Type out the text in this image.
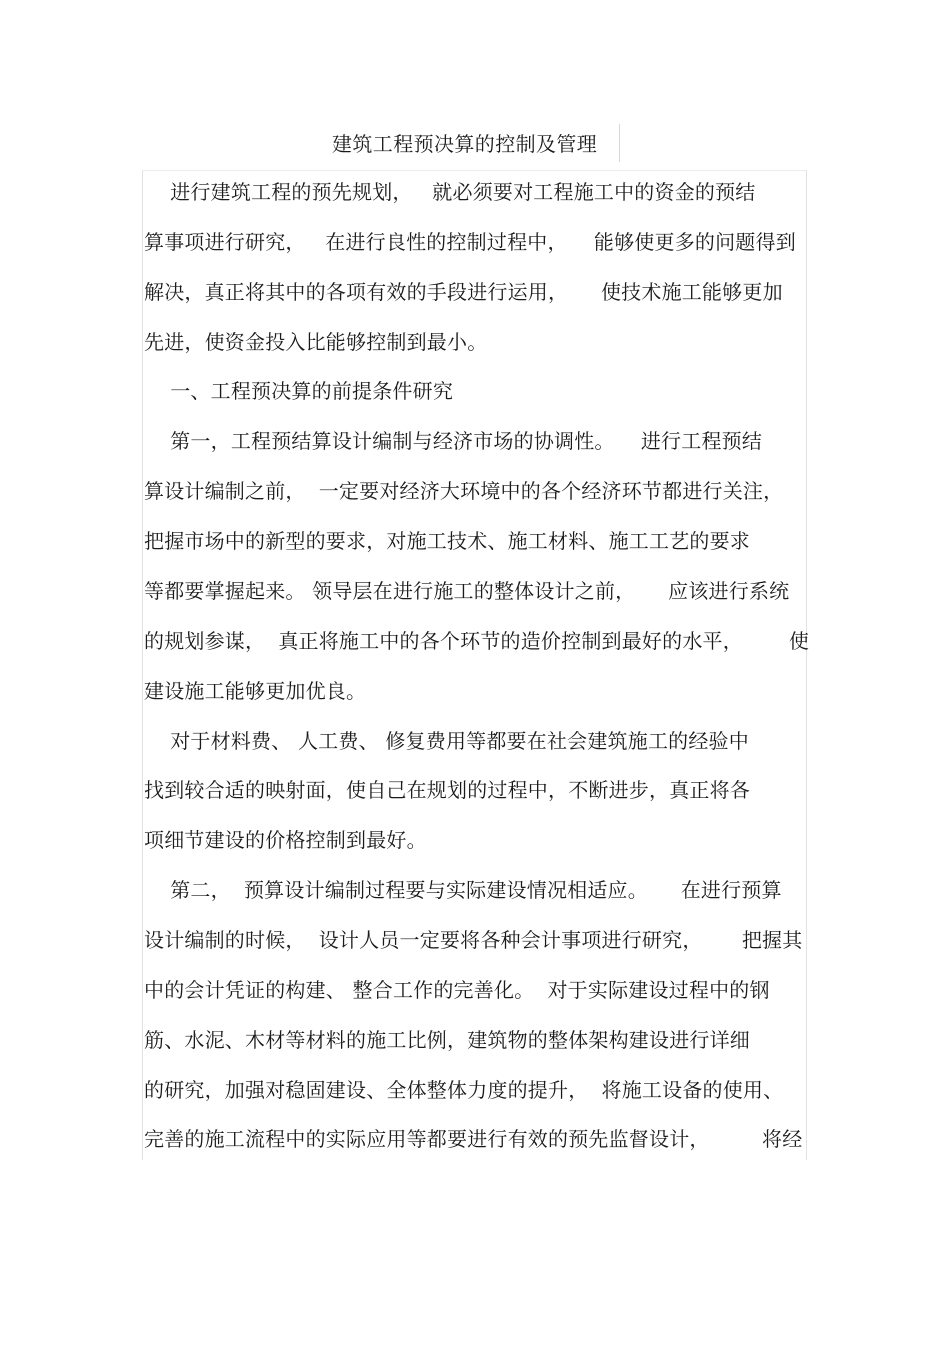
建筑工程预决算的控制及管理
进行建筑工程的预先规划，   就必须要对工程施工中的资金的预结
算事项进行研究，   在进行良性的控制过程中，    能够使更多的问题得到
解决，真正将其中的各项有效的手段进行运用，     使技术施工能够更加
先进，使资金投入比能够控制到最小。
一、工程预决算的前提条件研究
第一，工程预结算设计编制与经济市场的协调性。    进行工程预结
算设计编制之前，  一定要对经济大环境中的各个经济环节都进行关注，
把握市场中的新型的要求，对施工技术、施工材料、施工工艺的要求
等都要掌握起来。 领导层在进行施工的整体设计之前，     应该进行系统
的规划参谋，  真正将施工中的各个环节的造价控制到最好的水平，       使
建设施工能够更加优良。
对于材料费、 人工费、 修复费用等都要在社会建筑施工的经验中
找到较合适的映射面，使自己在规划的过程中，不断进步，真正将各
项细节建设的价格控制到最好。
第二，  预算设计编制过程要与实际建设情况相适应。     在进行预算
设计编制的时候，  设计人员一定要将各种会计事项进行研究，      把握其
中的会计凭证的构建、 整合工作的完善化。  对于实际建设过程中的钢
筋、水泥、木材等材料的施工比例，建筑物的整体架构建设进行详细
的研究，加强对稳固建设、全体整体力度的提升，  将施工设备的使用、
完善的施工流程中的实际应用等都要进行有效的预先监督设计，        将经
